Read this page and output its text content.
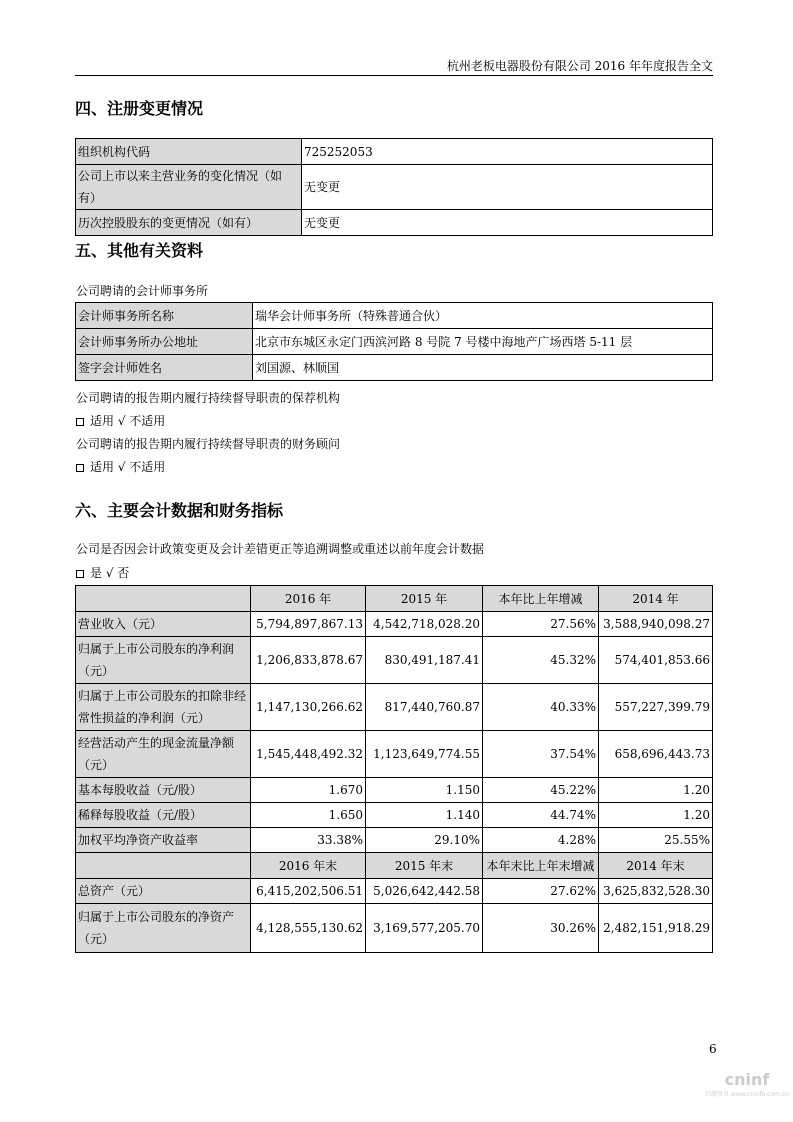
杭州老板电器股份有限公司 2016 年年度报告全文
四、注册变更情况
组织机构代码	725252053
公司上市以来主营业务的变化情况（如有）	无变更
历次控股股东的变更情况（如有）	无变更
五、其他有关资料
公司聘请的会计师事务所
会计师事务所名称	瑞华会计师事务所（特殊普通合伙）
会计师事务所办公地址	北京市东城区永定门西滨河路 8 号院 7 号楼中海地产广场西塔 5-11 层
签字会计师姓名	刘国源、林顺国
公司聘请的报告期内履行持续督导职责的保荐机构
适用 √ 不适用
公司聘请的报告期内履行持续督导职责的财务顾问
适用 √ 不适用
六、主要会计数据和财务指标
公司是否因会计政策变更及会计差错更正等追溯调整或重述以前年度会计数据
是 √ 否
	2016 年	2015 年	本年比上年增减	2014 年
营业收入（元）	5,794,897,867.13	4,542,718,028.20	27.56%	3,588,940,098.27
归属于上市公司股东的净利润（元）	1,206,833,878.67	830,491,187.41	45.32%	574,401,853.66
归属于上市公司股东的扣除非经常性损益的净利润（元）	1,147,130,266.62	817,440,760.87	40.33%	557,227,399.79
经营活动产生的现金流量净额（元）	1,545,448,492.32	1,123,649,774.55	37.54%	658,696,443.73
基本每股收益（元/股）	1.670	1.150	45.22%	1.20
稀释每股收益（元/股）	1.650	1.140	44.74%	1.20
加权平均净资产收益率	33.38%	29.10%	4.28%	25.55%
	2016 年末	2015 年末	本年末比上年末增减	2014 年末
总资产（元）	6,415,202,506.51	5,026,642,442.58	27.62%	3,625,832,528.30
归属于上市公司股东的净资产（元）	4,128,555,130.62	3,169,577,205.70	30.26%	2,482,151,918.29
6
cninf
巨潮资讯 www.cninfo.com.cn
